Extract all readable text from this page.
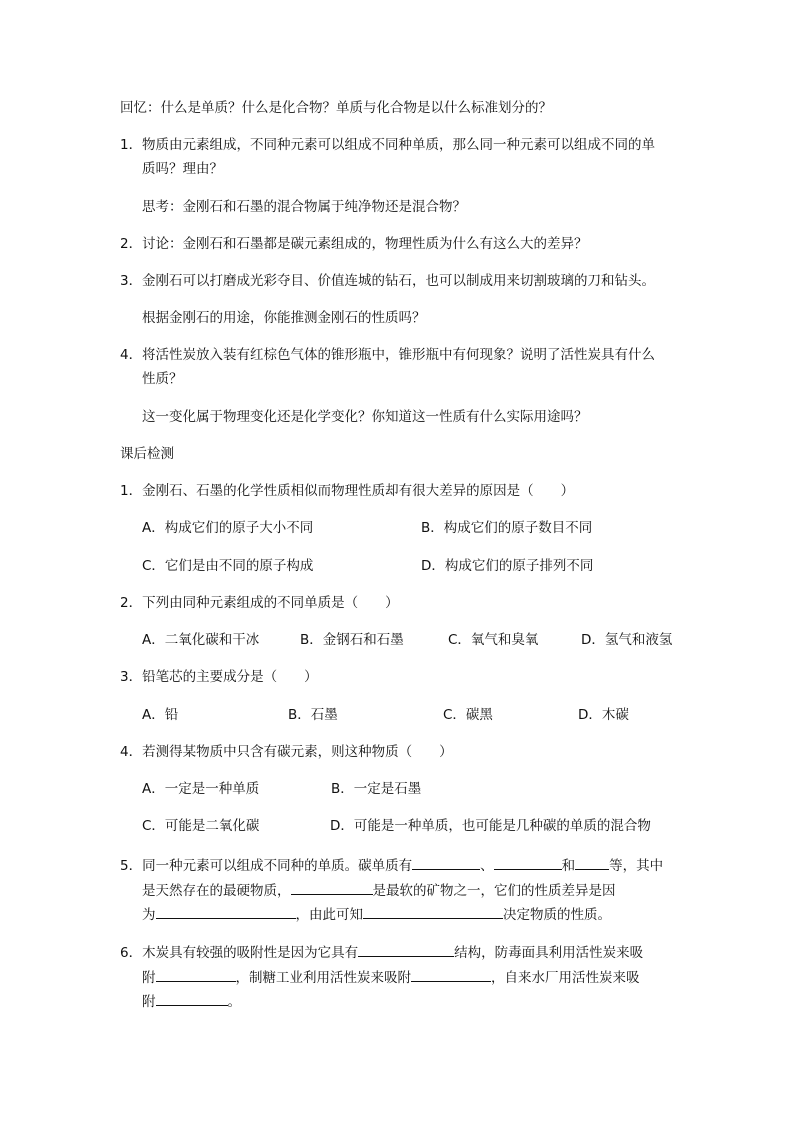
回忆：什么是单质？什么是化合物？单质与化合物是以什么标准划分的？
1．物质由元素组成，不同种元素可以组成不同种单质，那么同一种元素可以组成不同的单
质吗？理由？
思考：金刚石和石墨的混合物属于纯净物还是混合物？
2．讨论：金刚石和石墨都是碳元素组成的，物理性质为什么有这么大的差异？
3．金刚石可以打磨成光彩夺目、价值连城的钻石，也可以制成用来切割玻璃的刀和钻头。
根据金刚石的用途，你能推测金刚石的性质吗？
4．将活性炭放入装有红棕色气体的锥形瓶中，锥形瓶中有何现象？说明了活性炭具有什么
性质？
这一变化属于物理变化还是化学变化？你知道这一性质有什么实际用途吗？
课后检测
1．金刚石、石墨的化学性质相似而物理性质却有很大差异的原因是（　　）
A．构成它们的原子大小不同	B．构成它们的原子数目不同
C．它们是由不同的原子构成	D．构成它们的原子排列不同
2．下列由同种元素组成的不同单质是（　　）
A．二氧化碳和干冰	B．金钢石和石墨	C．氧气和臭氧	D．氢气和液氢
3．铅笔芯的主要成分是（　　）
A．铅	B．石墨	C．碳黑	D．木碳
4．若测得某物质中只含有碳元素，则这种物质（　　）
A．一定是一种单质	B．一定是石墨
C．可能是二氧化碳	D．可能是一种单质，也可能是几种碳的单质的混合物
5．同一种元素可以组成不同种的单质。碳单质有	、	和	等，其中
是天然存在的最硬物质，	是最软的矿物之一，它们的性质差异是因
为	，由此可知	决定物质的性质。
6．木炭具有较强的吸附性是因为它具有	结构，防毒面具利用活性炭来吸
附	，制糖工业利用活性炭来吸附	，自来水厂用活性炭来吸
附	。
